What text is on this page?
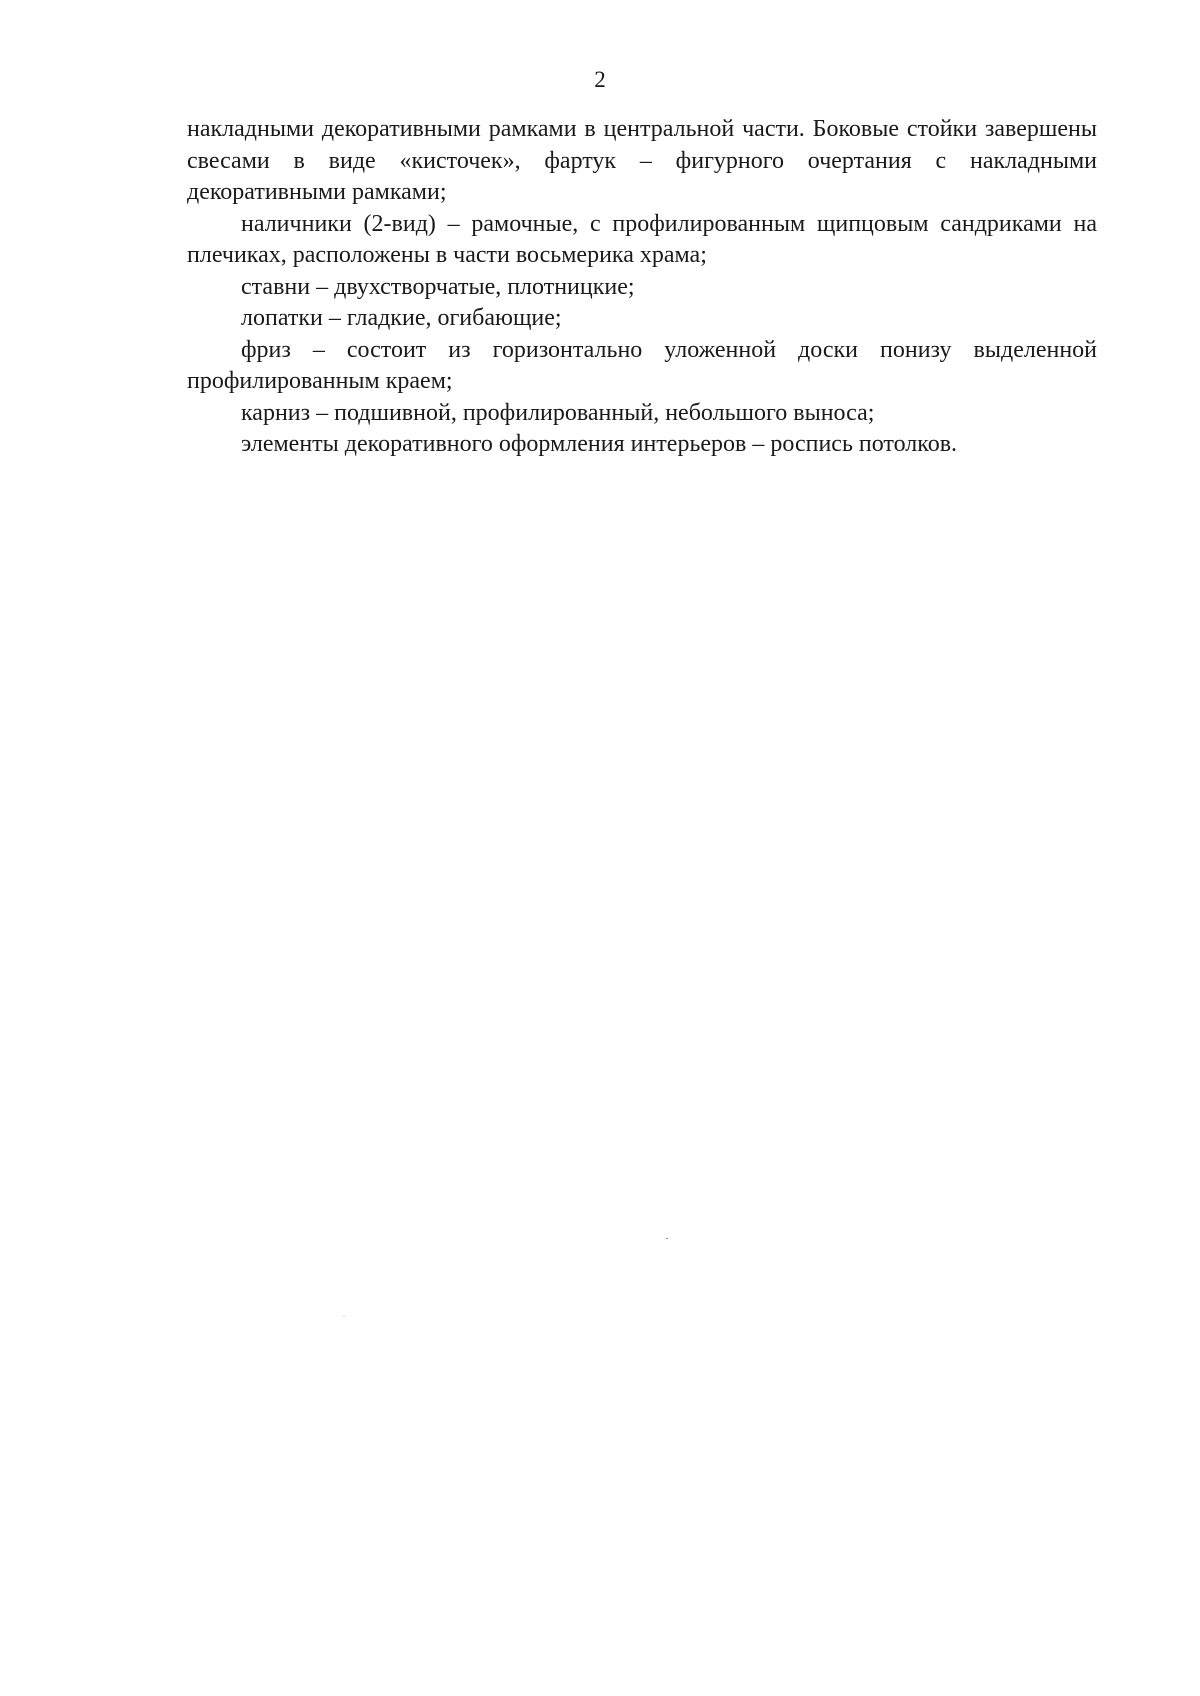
2

накладными декоративными рамками в центральной части. Боковые стойки завершены свесами в виде «кисточек», фартук – фигурного очертания с накладными декоративными рамками;

наличники (2-вид) – рамочные, с профилированным щипцовым сандриками на плечиках, расположены в части восьмерика храма;

ставни – двухстворчатые, плотницкие;

лопатки – гладкие, огибающие;

фриз – состоит из горизонтально уложенной доски понизу выделенной профилированным краем;

карниз – подшивной, профилированный, небольшого выноса;

элементы декоративного оформления интерьеров – роспись потолков.
